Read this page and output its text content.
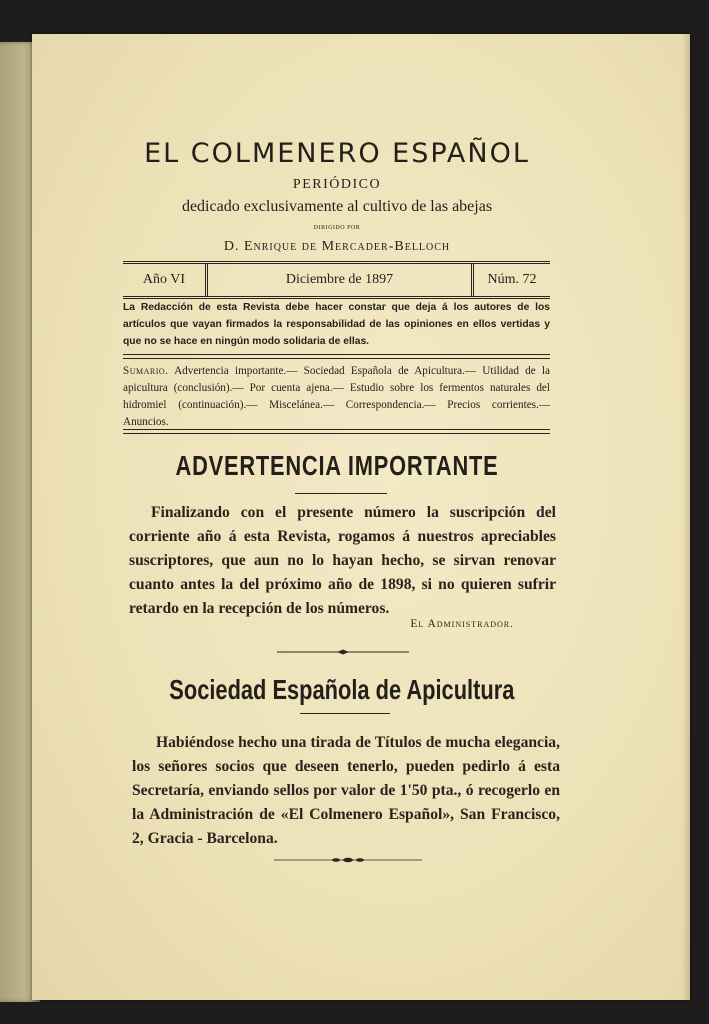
EL COLMENERO ESPAÑOL
PERIÓDICO
dedicado exclusivamente al cultivo de las abejas
DIRIGIDO POR
D. Enrique de Mercader-Belloch
Año VI	Diciembre de 1897	Núm. 72
La Redacción de esta Revista debe hacer constar que deja á los autores de los artículos que vayan firmados la responsabilidad de las opiniones en ellos vertidas y que no se hace en ningún modo solidaria de ellas.
Sumario. Advertencia importante.— Sociedad Española de Apicultura.— Utilidad de la apicultura (conclusión).— Por cuenta ajena.— Estudio sobre los fermentos naturales del hidromiel (continuación).— Miscelánea.— Correspondencia.— Precios corrientes.— Anuncios.
ADVERTENCIA IMPORTANTE
Finalizando con el presente número la suscripción del corriente año á esta Revista, rogamos á nuestros apreciables suscriptores, que aun no lo hayan hecho, se sirvan renovar cuanto antes la del próximo año de 1898, si no quieren sufrir retardo en la recepción de los números.
El Administrador.
Sociedad Española de Apicultura
Habiéndose hecho una tirada de Títulos de mucha elegancia, los señores socios que deseen tenerlo, pueden pedirlo á esta Secretaría, enviando sellos por valor de 1'50 pta., ó recogerlo en la Administración de «El Colmenero Español», San Francisco, 2, Gracia - Barcelona.
